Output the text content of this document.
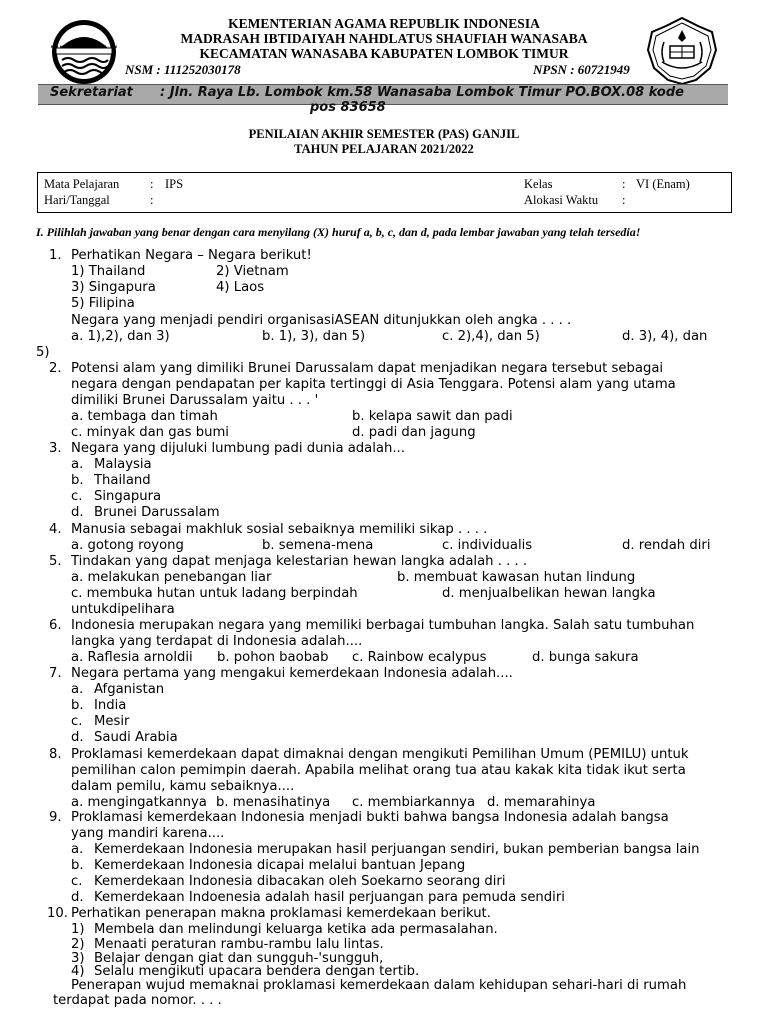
MI · NAHDLATUS SHAUFIAH · NW
KEMENTERIAN AGAMA REPUBLIK INDONESIA
MADRASAH IBTIDAIYAH NAHDLATUS SHAUFIAH WANASABA
KECAMATAN WANASABA KABUPATEN LOMBOK TIMUR
NSM : 111252030178	NPSN : 60721949
Sekretariat : Jln. Raya Lb. Lombok km.58 Wanasaba Lombok Timur PO.BOX.08 kode
pos 83658
PENILAIAN AKHIR SEMESTER (PAS) GANJIL
TAHUN PELAJARAN 2021/2022
Mata Pelajaran : IPS
Hari/Tanggal	:
Kelas	: VI (Enam)
Alokasi Waktu :
I. Pilihlah jawaban yang benar dengan cara menyilang (X) huruf a, b, c, dan d, pada lembar jawaban yang telah tersedia!
1. Perhatikan Negara – Negara berikut!
1) Thailand	2) Vietnam
3) Singapura	4) Laos
5) Filipina
Negara yang menjadi pendiri organisasiASEAN ditunjukkan oleh angka . . . .
a. 1),2), dan 3)	b. 1), 3), dan 5)	c. 2),4), dan 5)	d. 3), 4), dan
5)
2. Potensi alam yang dimiliki Brunei Darussalam dapat menjadikan negara tersebut sebagai
negara dengan pendapatan per kapita tertinggi di Asia Tenggara. Potensi alam yang utama
dimiliki Brunei Darussalam yaitu . . . '
a. tembaga dan timah	b. kelapa sawit dan padi
c. minyak dan gas bumi	d. padi dan jagung
3. Negara yang dijuluki lumbung padi dunia adalah...
a. Malaysia
b. Thailand
c. Singapura
d. Brunei Darussalam
4. Manusia sebagai makhluk sosial sebaiknya memiliki sikap . . . .
a. gotong royong	b. semena-mena	c. individualis	d. rendah diri
5. Tindakan yang dapat menjaga kelestarian hewan langka adalah . . . .
a. melakukan penebangan liar	b. membuat kawasan hutan lindung
c. membuka hutan untuk ladang berpindah	d. menjualbelikan hewan langka
untukdipelihara
6. Indonesia merupakan negara yang memiliki berbagai tumbuhan langka. Salah satu tumbuhan
langka yang terdapat di Indonesia adalah....
a. Raflesia arnoldii b. pohon baobab c. Rainbow ecalypus	d. bunga sakura
7. Negara pertama yang mengakui kemerdekaan Indonesia adalah....
a. Afganistan
b. India
c. Mesir
d. Saudi Arabia
8. Proklamasi kemerdekaan dapat dimaknai dengan mengikuti Pemilihan Umum (PEMILU) untuk
pemilihan calon pemimpin daerah. Apabila melihat orang tua atau kakak kita tidak ikut serta
dalam pemilu, kamu sebaiknya....
a. mengingatkannya b. menasihatinya c. membiarkannya d. memarahinya
9. Proklamasi kemerdekaan Indonesia menjadi bukti bahwa bangsa Indonesia adalah bangsa
yang mandiri karena....
a. Kemerdekaan Indonesia merupakan hasil perjuangan sendiri, bukan pemberian bangsa lain
b. Kemerdekaan Indonesia dicapai melalui bantuan Jepang
c. Kemerdekaan Indonesia dibacakan oleh Soekarno seorang diri
d. Kemerdekaan Indoenesia adalah hasil perjuangan para pemuda sendiri
10. Perhatikan penerapan makna proklamasi kemerdekaan berikut.
1) Membela dan melindungi keluarga ketika ada permasalahan.
2) Menaati peraturan rambu-rambu lalu lintas.
3) Belajar dengan giat dan sungguh-'sungguh,
4) Selalu mengikuti upacara bendera dengan tertib.
Penerapan wujud memaknai proklamasi kemerdekaan dalam kehidupan sehari-hari di rumah
terdapat pada nomor. . . .
